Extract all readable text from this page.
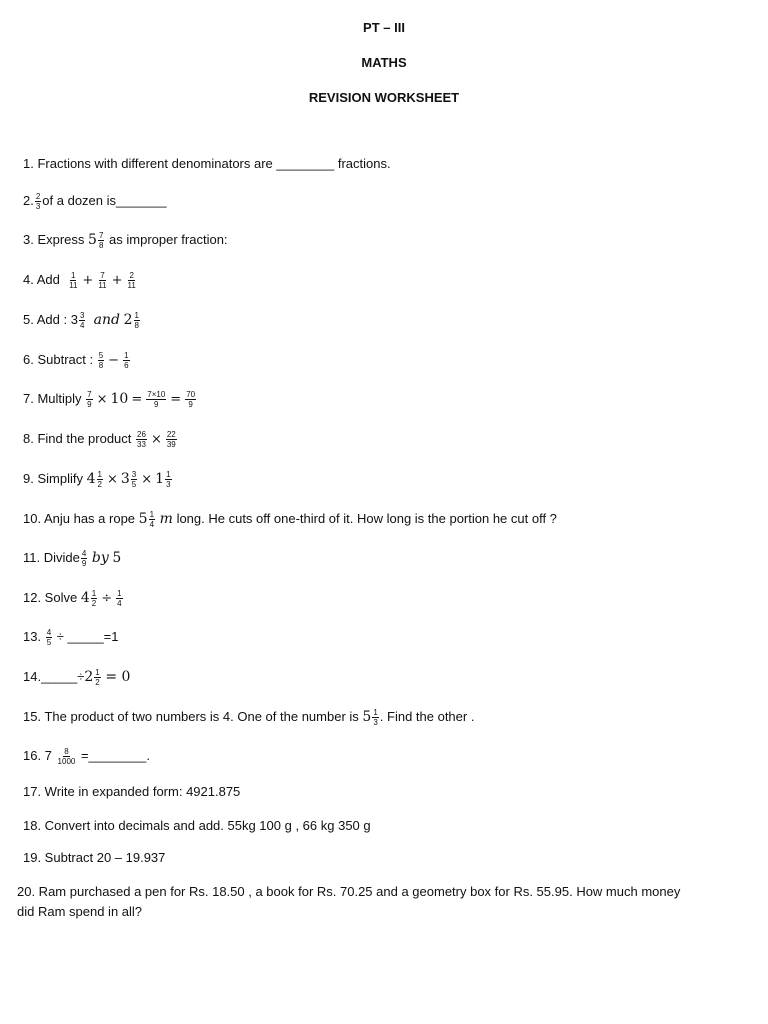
PT – III
MATHS
REVISION WORKSHEET
1. Fractions with different denominators are ________ fractions.
2. $\frac{2}{3}$ of a dozen is_______
3. Express $5 \frac{7}{8}$ as improper fraction:
4. Add $\frac{1}{11} + \frac{7}{11} + \frac{2}{11}$
5. Add : $3 \frac{3}{4}$ and $2 \frac{1}{8}$
6. Subtract : $\frac{5}{8} - \frac{1}{6}$
7. Multiply $\frac{7}{9} \times 10 = \frac{7\times 10}{9} = \frac{70}{9}$
8. Find the product $\frac{26}{33} \times \frac{22}{39}$
9. Simplify $4 \frac{1}{2} \times 3 \frac{3}{5} \times 1 \frac{1}{3}$
10. Anju has a rope $5 \frac{1}{4}$ m long. He cuts off one-third of it. How long is the portion he cut off ?
11. Divide $\frac{4}{9}$ by 5
12. Solve $4 \frac{1}{2} \div \frac{1}{4}$
13. $\frac{4}{5}$ ÷ _____=1
14._____÷2 $\frac{1}{2} = 0$
15. The product of two numbers is 4. One of the number is $5 \frac{1}{3}$ . Find the other .
16. $7 \frac{8}{1000}$ =________.
17. Write in expanded form: 4921.875
18. Convert into decimals and add. 55kg 100 g , 66 kg 350 g
19. Subtract 20 – 19.937
20. Ram purchased a pen for Rs. 18.50 , a book for Rs. 70.25 and a geometry box for Rs. 55.95. How much money did Ram spend in all?
